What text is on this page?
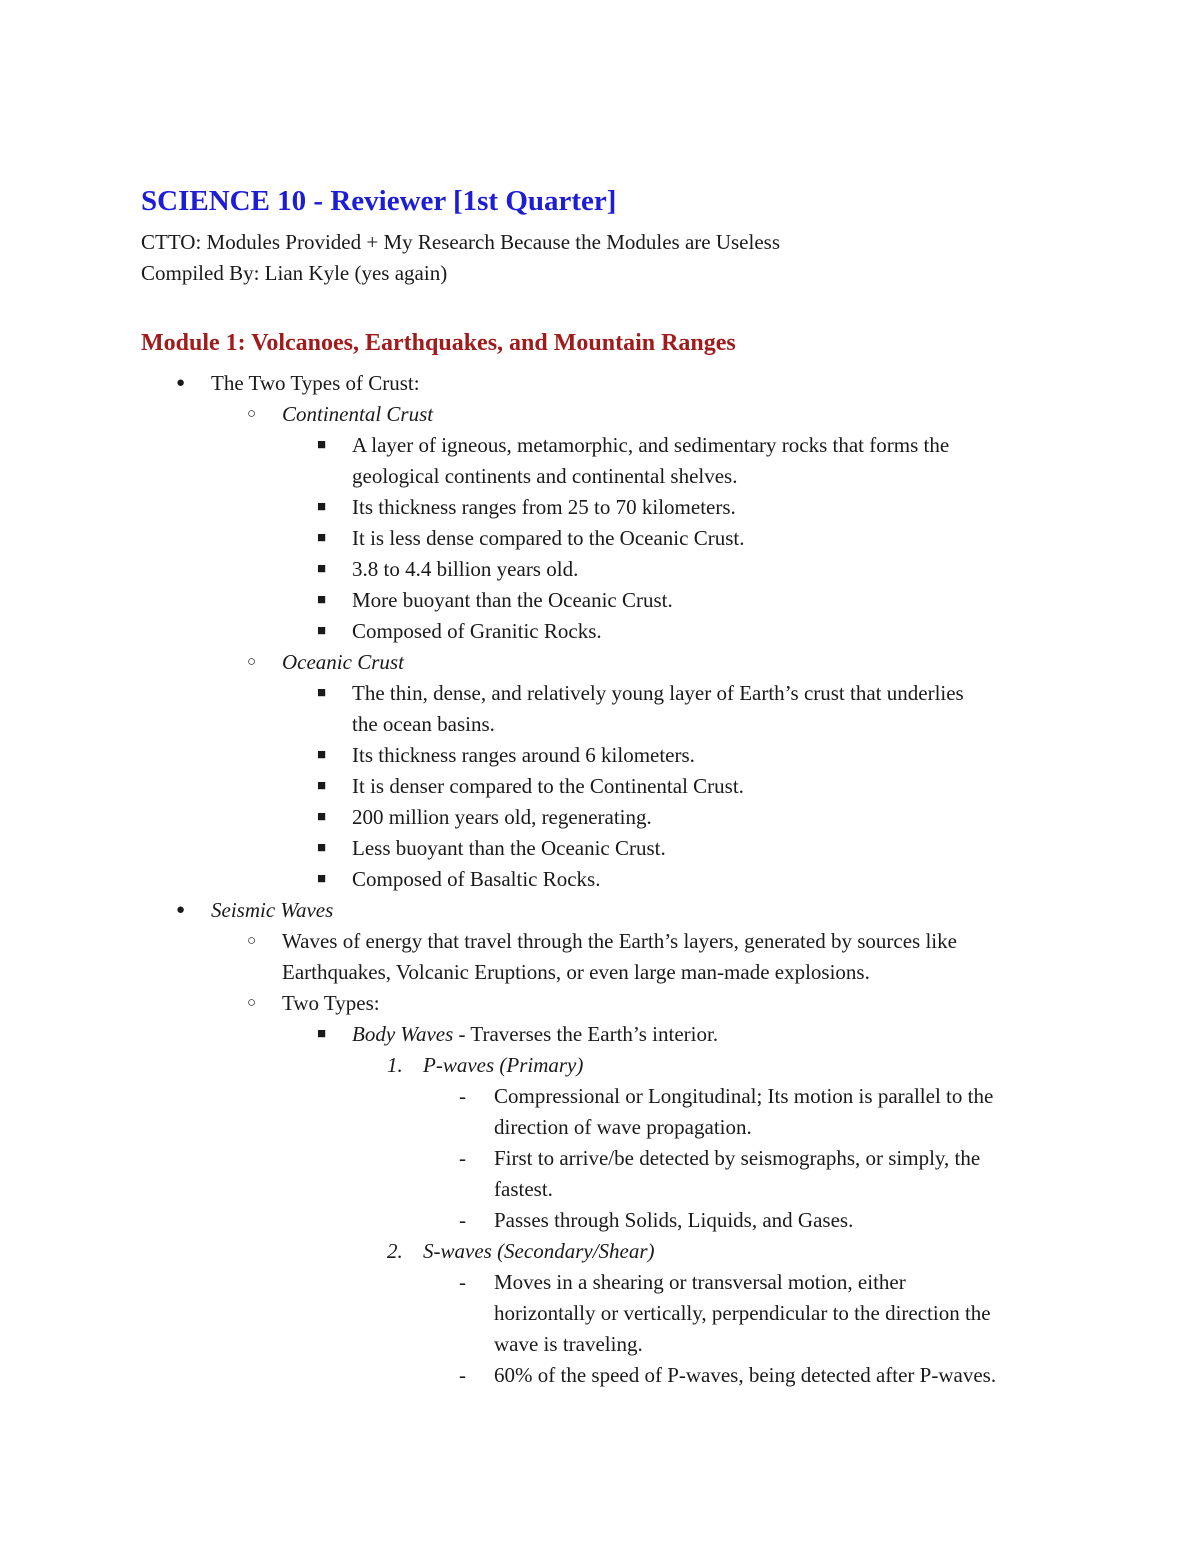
SCIENCE 10 - Reviewer [1st Quarter]

CTTO: Modules Provided + My Research Because the Modules are Useless

Compiled By: Lian Kyle (yes again)

Module 1: Volcanoes, Earthquakes, and Mountain Ranges
● The Two Types of Crust:
○ Continental Crust
■ A layer of igneous, metamorphic, and sedimentary rocks that forms the
geological continents and continental shelves.
■ Its thickness ranges from 25 to 70 kilometers.
■ It is less dense compared to the Oceanic Crust.
■ 3.8 to 4.4 billion years old.
■ More buoyant than the Oceanic Crust.
■ Composed of Granitic Rocks.
○ Oceanic Crust
■ The thin, dense, and relatively young layer of Earth’s crust that underlies
the ocean basins.
■ Its thickness ranges around 6 kilometers.
■ It is denser compared to the Continental Crust.
■ 200 million years old, regenerating.
■ Less buoyant than the Oceanic Crust.
■ Composed of Basaltic Rocks.
● Seismic Waves
○ Waves of energy that travel through the Earth’s layers, generated by sources like
Earthquakes, Volcanic Eruptions, or even large man-made explosions.
○ Two Types:
■ Body Waves - Traverses the Earth’s interior.
1. P-waves (Primary)
- Compressional or Longitudinal; Its motion is parallel to the
direction of wave propagation.
- First to arrive/be detected by seismographs, or simply, the
fastest.
- Passes through Solids, Liquids, and Gases.
2. S-waves (Secondary/Shear)
- Moves in a shearing or transversal motion, either
horizontally or vertically, perpendicular to the direction the
wave is traveling.
- 60% of the speed of P-waves, being detected after P-waves.
